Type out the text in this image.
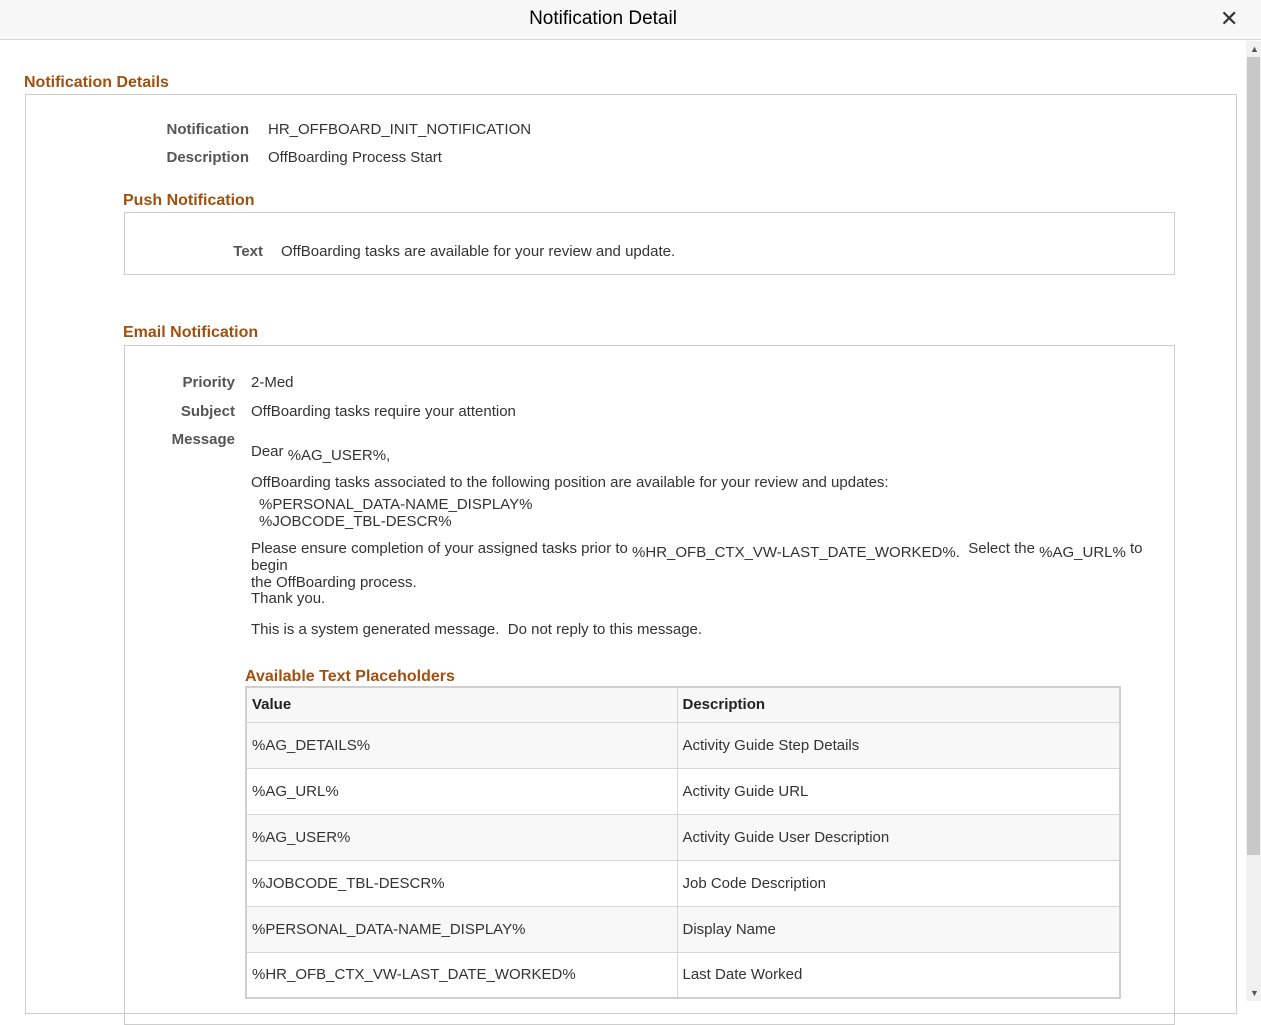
Notification Detail	✕
▲
▼
Notification Details
Notification HR_OFFBOARD_INIT_NOTIFICATION
Description OffBoarding Process Start
Push Notification
Text OffBoarding tasks are available for your review and update.
Email Notification
Priority 2-Med
Subject OffBoarding tasks require your attention
Message
Dear %AG_USER%,
OffBoarding tasks associated to the following position are available for your review and updates:
%PERSONAL_DATA-NAME_DISPLAY%
%JOBCODE_TBL-DESCR%
Please ensure completion of your assigned tasks prior to %HR_OFB_CTX_VW-LAST_DATE_WORKED%. Select the %AG_URL% to begin
the OffBoarding process.
Thank you.
This is a system generated message.  Do not reply to this message.
Available Text Placeholders
Value	Description
%AG_DETAILS%	Activity Guide Step Details
%AG_URL%	Activity Guide URL
%AG_USER%	Activity Guide User Description
%JOBCODE_TBL-DESCR%	Job Code Description
%PERSONAL_DATA-NAME_DISPLAY%	Display Name
%HR_OFB_CTX_VW-LAST_DATE_WORKED%	Last Date Worked
